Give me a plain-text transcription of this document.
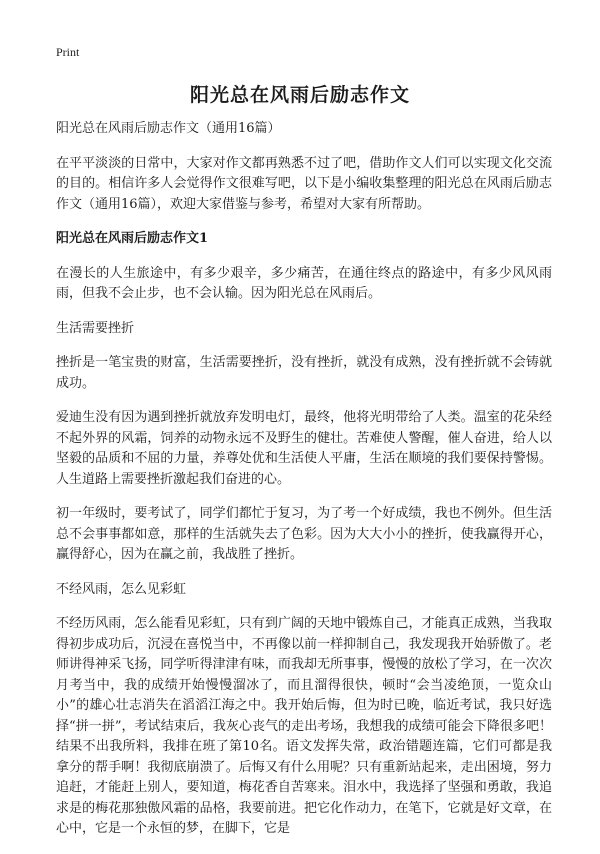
Print
阳光总在风雨后励志作文

阳光总在风雨后励志作文（通用16篇）

在平平淡淡的日常中，大家对作文都再熟悉不过了吧，借助作文人们可以实现文化交流的目的。相信许多人会觉得作文很难写吧，以下是小编收集整理的阳光总在风雨后励志作文（通用16篇），欢迎大家借鉴与参考，希望对大家有所帮助。

阳光总在风雨后励志作文1

在漫长的人生旅途中，有多少艰辛，多少痛苦，在通往终点的路途中，有多少风风雨雨，但我不会止步，也不会认输。因为阳光总在风雨后。

生活需要挫折

挫折是一笔宝贵的财富，生活需要挫折，没有挫折，就没有成熟，没有挫折就不会铸就成功。

爱迪生没有因为遇到挫折就放弃发明电灯，最终，他将光明带给了人类。温室的花朵经不起外界的风霜，饲养的动物永远不及野生的健壮。苦难使人警醒，催人奋进，给人以坚毅的品质和不屈的力量，养尊处优和生活使人平庸，生活在顺境的我们要保持警惕。人生道路上需要挫折激起我们奋进的心。

初一年级时，要考试了，同学们都忙于复习，为了考一个好成绩，我也不例外。但生活总不会事事都如意，那样的生活就失去了色彩。因为大大小小的挫折，使我赢得开心，赢得舒心，因为在赢之前，我战胜了挫折。

不经风雨，怎么见彩虹

不经历风雨，怎么能看见彩虹，只有到广阔的天地中锻炼自己，才能真正成熟，当我取得初步成功后，沉浸在喜悦当中，不再像以前一样抑制自己，我发现我开始骄傲了。老师讲得神采飞扬，同学听得津津有味，而我却无所事事，慢慢的放松了学习，在一次次月考当中，我的成绩开始慢慢溜冰了，而且溜得很快，顿时“会当凌绝顶，一览众山小”的雄心壮志消失在滔滔江海之中。我开始后悔，但为时已晚，临近考试，我只好选择“拼一拼”，考试结束后，我灰心丧气的走出考场，我想我的成绩可能会下降很多吧！结果不出我所料，我排在班了第10名。语文发挥失常，政治错题连篇，它们可都是我拿分的帮手啊！我彻底崩溃了。后悔又有什么用呢？只有重新站起来，走出困境，努力追赶，才能赶上别人，要知道，梅花香自苦寒来。泪水中，我选择了坚强和勇敢，我追求是的梅花那独傲风霜的品格，我要前进。把它化作动力，在笔下，它就是好文章，在心中，它是一个永恒的梦，在脚下，它是
